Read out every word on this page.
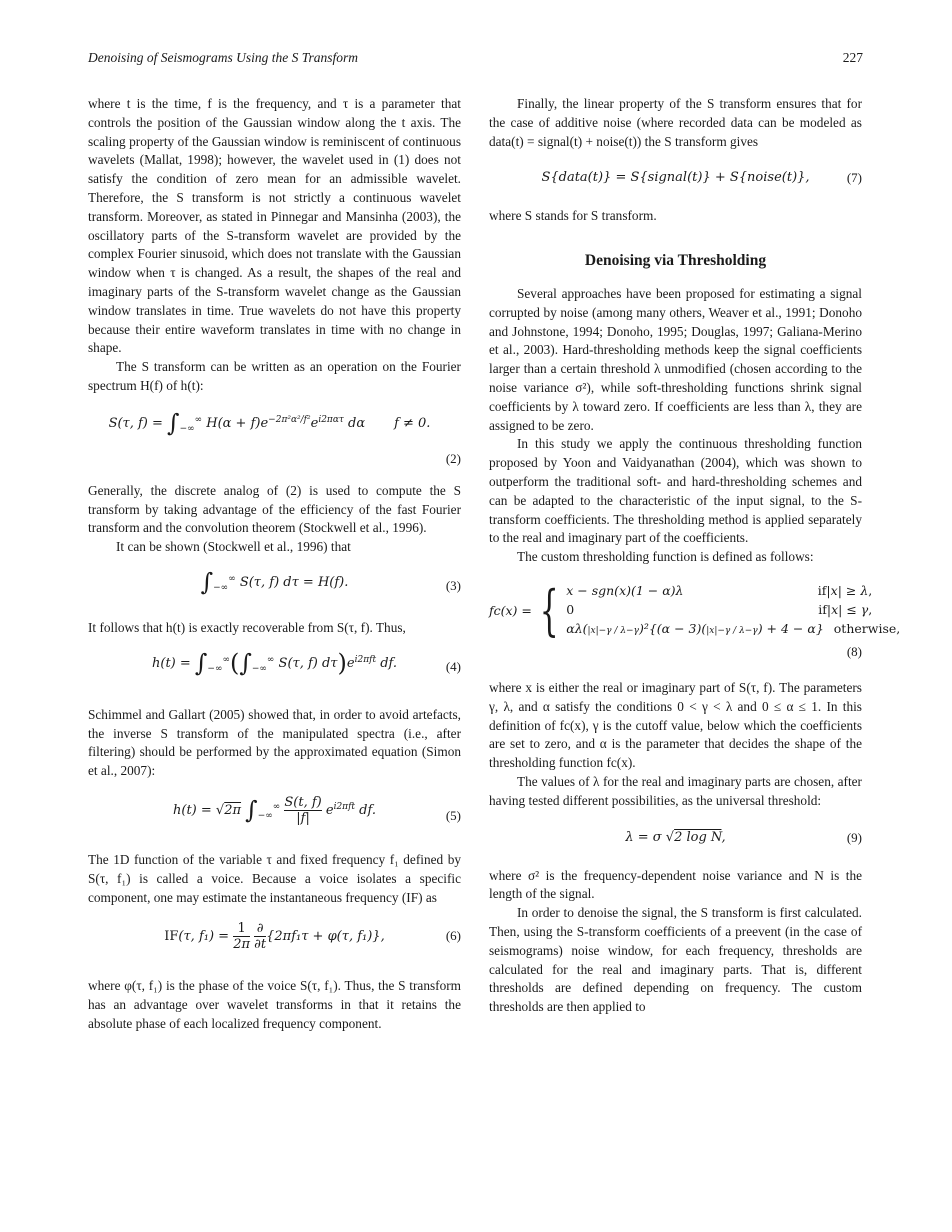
Denoising of Seismograms Using the S Transform	227

where t is the time, f is the frequency, and τ is a parameter that controls the position of the Gaussian window along the t axis. The scaling property of the Gaussian window is reminiscent of continuous wavelets (Mallat, 1998); however, the wavelet used in (1) does not satisfy the condition of zero mean for an admissible wavelet. Therefore, the S transform is not strictly a continuous wavelet transform. Moreover, as stated in Pinnegar and Mansinha (2003), the oscillatory parts of the S-transform wavelet are provided by the complex Fourier sinusoid, which does not translate with the Gaussian window when τ is changed. As a result, the shapes of the real and imaginary parts of the S-transform wavelet change as the Gaussian window translates in time. True wavelets do not have this property because their entire waveform translates in time with no change in shape.

The S transform can be written as an operation on the Fourier spectrum H(f) of h(t):

S(τ, $f) = \int_{-\infty}^\infty$ $H(\alpha + f)e^{-2\pi^2\alpha^2/f^2}e^{i2\pi\alpha\tau}$ dα       f ≠ 0.
(2)

Generally, the discrete analog of (2) is used to compute the S transform by taking advantage of the efficiency of the fast Fourier transform and the convolution theorem (Stockwell et al., 1996).

It can be shown (Stockwell et al., 1996) that

$\int_{-\infty}^\infty$ S(τ, f) dτ = H(f).	(3)

It follows that h(t) is exactly recoverable from S(τ, f). Thus,

$h(t) = \int_{-\infty}^\infty(\int_{-\infty}^\infty$ S(τ, f) $d\tau)e^{i2\pi ft}$ df.	(4)

Schimmel and Gallart (2005) showed that, in order to avoid artefacts, the inverse S transform of the manipulated spectra (i.e., after filtering) should be performed by the approximated equation (Simon et al., 2007):

h(t) = √2π $\int_{-\infty}^\infty \frac{S(t, f)}{|f|} e^{i2\pi ft}$ df.	(5)

The 1D function of the variable τ and fixed frequency f₁ defined by S(τ, f₁) is called a voice. Because a voice isolates a specific component, one may estimate the instantaneous frequency (IF) as

IF(τ, $f_1) = \frac{1}{2\pi}$
∂
∂t
{2πf₁τ + φ(τ, f₁)},	(6)

where φ(τ, f₁) is the phase of the voice S(τ, f₁). Thus, the S transform has an advantage over wavelet transforms in that it retains the absolute phase of each localized frequency component.

Finally, the linear property of the S transform ensures that for the case of additive noise (where recorded data can be modeled as data(t) = signal(t) + noise(t)) the S transform gives

S{data(t)} = S{signal(t)} + S{noise(t)},	(7)

where S stands for S transform.

Denoising via Thresholding

Several approaches have been proposed for estimating a signal corrupted by noise (among many others, Weaver et al., 1991; Donoho and Johnstone, 1994; Donoho, 1995; Douglas, 1997; Galiana-Merino et al., 2003). Hard-thresholding methods keep the signal coefficients larger than a certain threshold λ unmodified (chosen according to the noise variance σ²), while soft-thresholding functions shrink signal coefficients by λ toward zero. If coefficients are less than λ, they are assigned to be zero.

In this study we apply the continuous thresholding function proposed by Yoon and Vaidyanathan (2004), which was shown to outperform the traditional soft- and hard-thresholding schemes and can be adapted to the characteristic of the input signal, to the S-transform coefficients. The thresholding method is applied separately to the real and imaginary part of the coefficients.

The custom thresholding function is defined as follows:

fc(x) = { x − sgn(x)(1 − α)λ	if|x| ≥ λ,
0	if|x| ≤ γ,
αλ(|x|−γ / λ−γ)²{(α − 3)(|x|−γ / λ−γ) + 4 − α} otherwise,
(8)

where x is either the real or imaginary part of S(τ, f). The parameters γ, λ, and α satisfy the conditions 0 < γ < λ and 0 ≤ α ≤ 1. In this definition of fc(x), γ is the cutoff value, below which the coefficients are set to zero, and α is the parameter that decides the shape of the thresholding function fc(x).

The values of λ for the real and imaginary parts are chosen, after having tested different possibilities, as the universal threshold:

λ = σ √2 log N,	(9)

where σ² is the frequency-dependent noise variance and N is the length of the signal.

In order to denoise the signal, the S transform is first calculated. Then, using the S-transform coefficients of a preevent (in the case of seismograms) noise window, for each frequency, thresholds are calculated for the real and imaginary parts. That is, different thresholds are defined depending on frequency. The custom thresholds are then applied to
